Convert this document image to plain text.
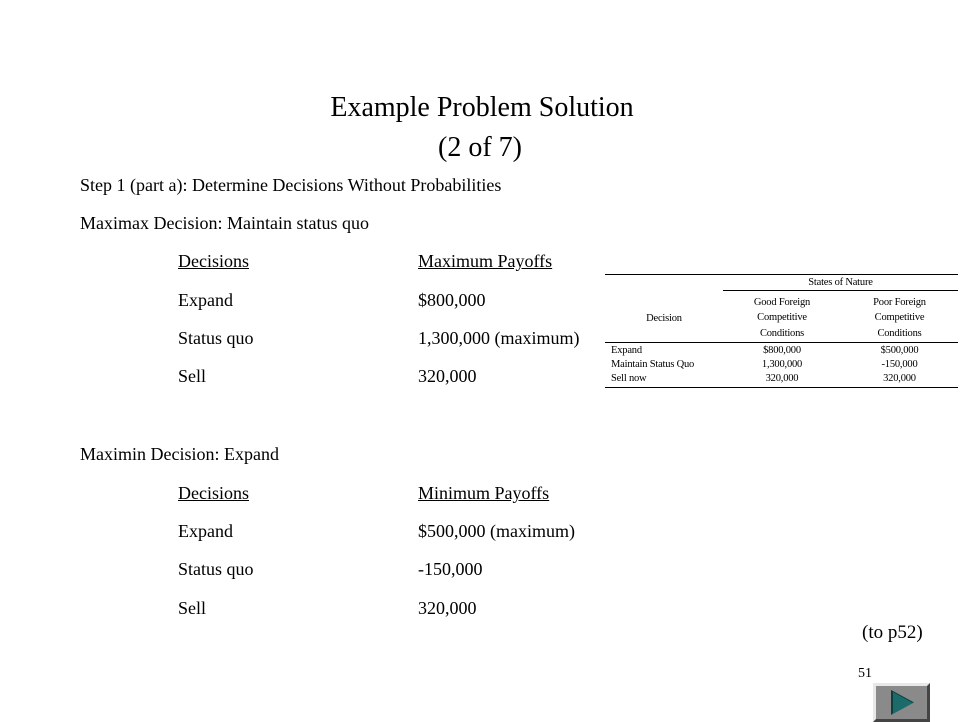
Example Problem Solution
(2 of 7)
Step 1 (part a): Determine Decisions Without Probabilities
Maximax Decision: Maintain status quo
Decisions	Maximum Payoffs
Expand	$800,000
Status quo	1,300,000 (maximum)
Sell	320,000
Maximin Decision: Expand
Decisions	Minimum Payoffs
Expand	$500,000 (maximum)
Status quo	-150,000
Sell	320,000
States of Nature
Decision
Good Foreign
Competitive
Conditions
Poor Foreign
Competitive
Conditions
Expand	$800,000	$500,000
Maintain Status Quo	1,300,000	-150,000
Sell now	320,000	320,000
(to p52)
51
